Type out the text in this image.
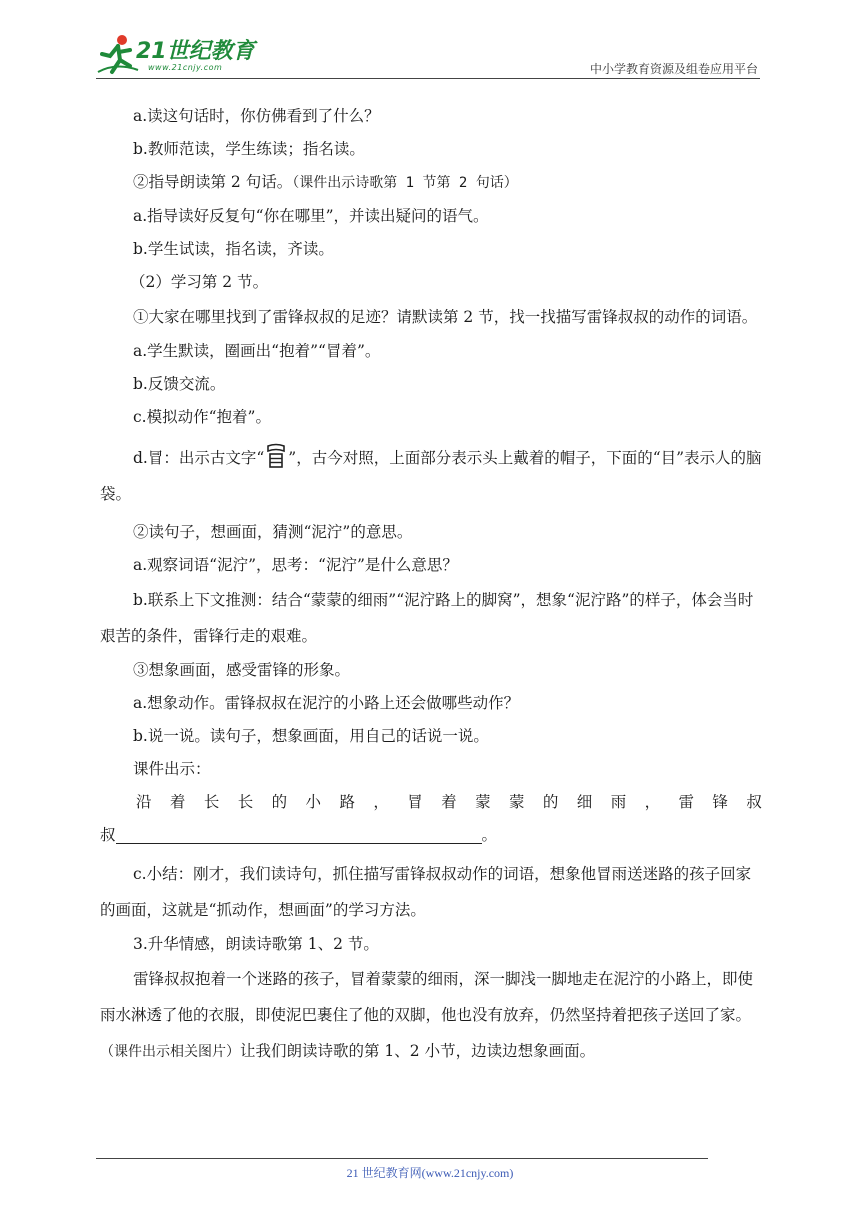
21世纪教育
www.21cnjy.com	中小学教育资源及组卷应用平台

a.读这句话时，你仿佛看到了什么？

b.教师范读，学生练读；指名读。

②指导朗读第 2 句话。（课件出示诗歌第 1 节第 2 句话）

a.指导读好反复句“你在哪里”，并读出疑问的语气。

b.学生试读，指名读，齐读。

（2）学习第 2 节。

①大家在哪里找到了雷锋叔叔的足迹？请默读第 2 节，找一找描写雷锋叔叔的动作的词语。

a.学生默读，圈画出“抱着”“冒着”。

b.反馈交流。

c.模拟动作“抱着”。

d.冒：出示古文字“ ”，古今对照，上面部分表示头上戴着的帽子，下面的“目”表示人的脑袋。

②读句子，想画面，猜测“泥泞”的意思。

a.观察词语“泥泞”，思考：“泥泞”是什么意思？

b.联系上下文推测：结合“蒙蒙的细雨”“泥泞路上的脚窝”，想象“泥泞路”的样子，体会当时艰苦的条件，雷锋行走的艰难。

③想象画面，感受雷锋的形象。

a.想象动作。雷锋叔叔在泥泞的小路上还会做哪些动作？

b.说一说。读句子，想象画面，用自己的话说一说。

课件出示：

沿 着 长 长 的 小 路 ， 冒 着 蒙 蒙 的 细 雨 ， 雷 锋 叔

叔	。

c.小结：刚才，我们读诗句，抓住描写雷锋叔叔动作的词语，想象他冒雨送迷路的孩子回家的画面，这就是“抓动作，想画面”的学习方法。

3.升华情感，朗读诗歌第 1、2 节。

雷锋叔叔抱着一个迷路的孩子，冒着蒙蒙的细雨，深一脚浅一脚地走在泥泞的小路上，即使雨水淋透了他的衣服，即使泥巴裹住了他的双脚，他也没有放弃，仍然坚持着把孩子送回了家。（课件出示相关图片）让我们朗读诗歌的第 1、2 小节，边读边想象画面。

21 世纪教育网(www.21cnjy.com)
